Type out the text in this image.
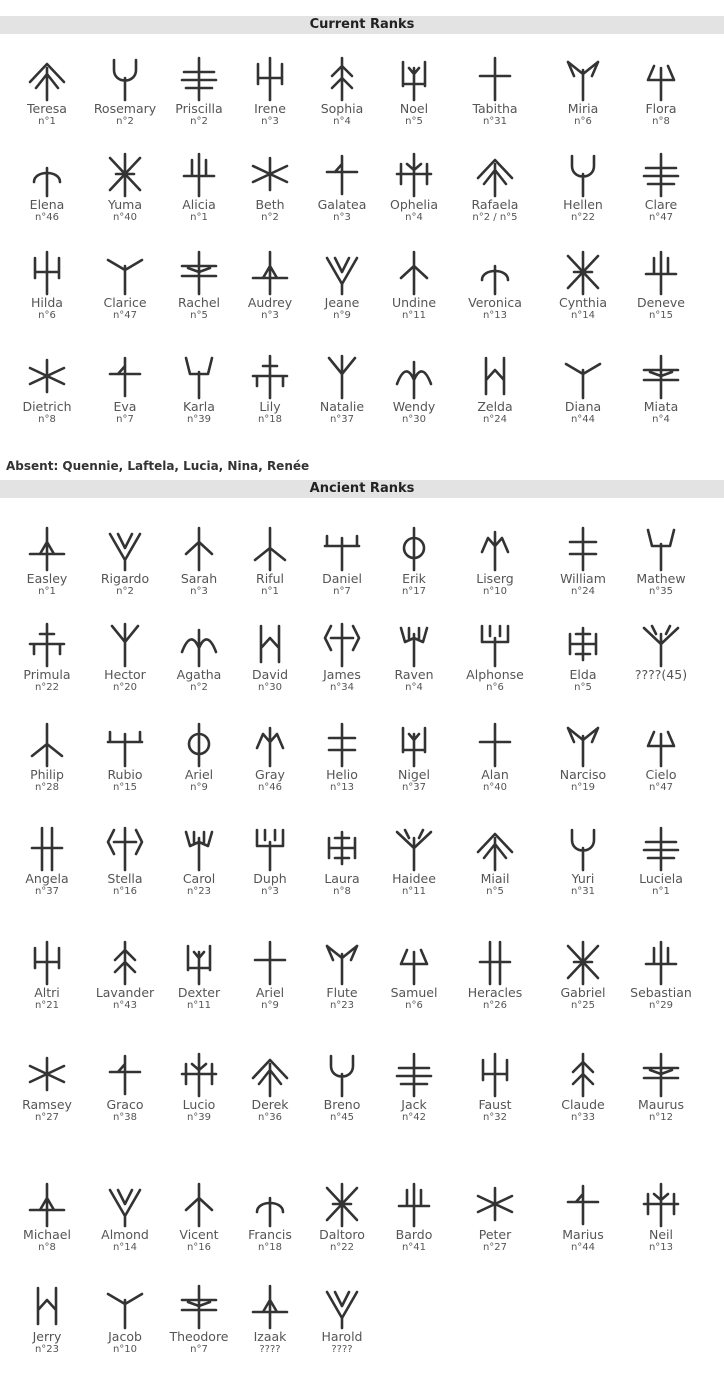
Current Ranks
Teresa
n°1
Rosemary
n°2
Priscilla
n°2
Irene
n°3
Sophia
n°4
Noel
n°5
Tabitha
n°31
Miria
n°6
Flora
n°8
Elena
n°46
Yuma
n°40
Alicia
n°1
Beth
n°2
Galatea
n°3
Ophelia
n°4
Rafaela
n°2 / n°5
Hellen
n°22
Clare
n°47
Hilda
n°6
Clarice
n°47
Rachel
n°5
Audrey
n°3
Jeane
n°9
Undine
n°11
Veronica
n°13
Cynthia
n°14
Deneve
n°15
Dietrich
n°8
Eva
n°7
Karla
n°39
Lily
n°18
Natalie
n°37
Wendy
n°30
Zelda
n°24
Diana
n°44
Miata
n°4
Absent: Quennie, Laftela, Lucia, Nina, Renée
Ancient Ranks
Easley
n°1
Rigardo
n°2
Sarah
n°3
Riful
n°1
Daniel
n°7
Erik
n°17
Liserg
n°10
William
n°24
Mathew
n°35
Primula
n°22
Hector
n°20
Agatha
n°2
David
n°30
James
n°34
Raven
n°4
Alphonse
n°6
Elda
n°5
????(45)
Philip
n°28
Rubio
n°15
Ariel
n°9
Gray
n°46
Helio
n°13
Nigel
n°37
Alan
n°40
Narciso
n°19
Cielo
n°47
Angela
n°37
Stella
n°16
Carol
n°23
Duph
n°3
Laura
n°8
Haidee
n°11
Miail
n°5
Yuri
n°31
Luciela
n°1
Altri
n°21
Lavander
n°43
Dexter
n°11
Ariel
n°9
Flute
n°23
Samuel
n°6
Heracles
n°26
Gabriel
n°25
Sebastian
n°29
Ramsey
n°27
Graco
n°38
Lucio
n°39
Derek
n°36
Breno
n°45
Jack
n°42
Faust
n°32
Claude
n°33
Maurus
n°12
Michael
n°8
Almond
n°14
Vicent
n°16
Francis
n°18
Daltoro
n°22
Bardo
n°41
Peter
n°27
Marius
n°44
Neil
n°13
Jerry
n°23
Jacob
n°10
Theodore
n°7
Izaak
????
Harold
????
